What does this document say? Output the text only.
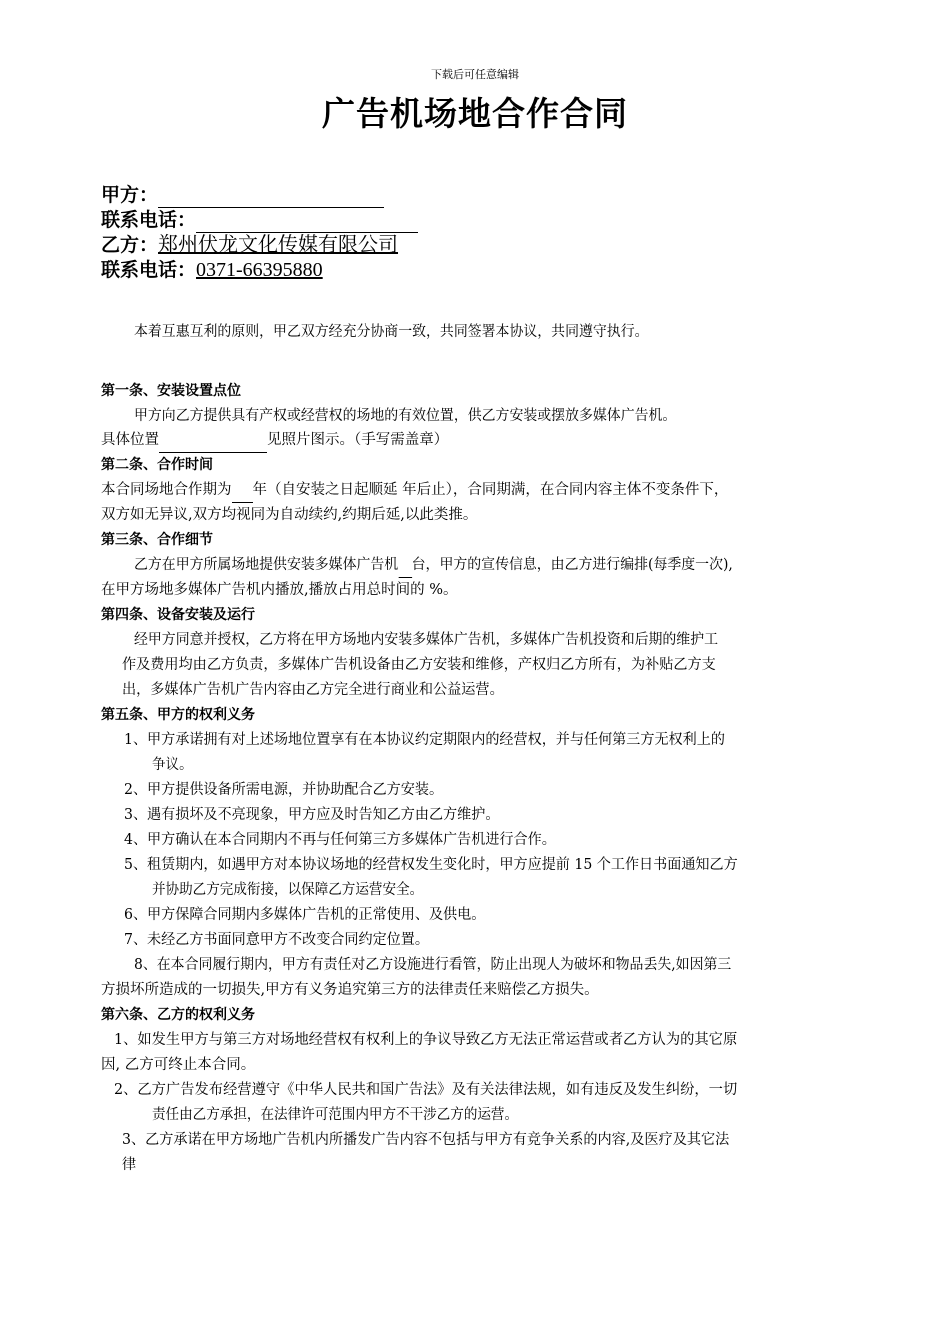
下载后可任意编辑
广告机场地合作合同
甲方：
联系电话：
乙方：郑州伏龙文化传媒有限公司
联系电话：0371-66395880
本着互惠互利的原则，甲乙双方经充分协商一致，共同签署本协议，共同遵守执行。
第一条、安装设置点位
甲方向乙方提供具有产权或经营权的场地的有效位置，供乙方安装或摆放多媒体广告机。
具体位置	见照片图示。（手写需盖章）
第二条、合作时间
本合同场地合作期为 年（自安装之日起顺延 年后止），合同期满，在合同内容主体不变条件下，
双方如无异议,双方均视同为自动续约,约期后延,以此类推。
第三条、合作细节
乙方在甲方所属场地提供安装多媒体广告机 台，甲方的宣传信息，由乙方进行编排(每季度一次),
在甲方场地多媒体广告机内播放,播放占用总时间的 %。
第四条、设备安装及运行
经甲方同意并授权，乙方将在甲方场地内安装多媒体广告机，多媒体广告机投资和后期的维护工
作及费用均由乙方负责，多媒体广告机设备由乙方安装和维修，产权归乙方所有，为补贴乙方支
出，多媒体广告机广告内容由乙方完全进行商业和公益运营。
第五条、甲方的权利义务
1、甲方承诺拥有对上述场地位置享有在本协议约定期限内的经营权，并与任何第三方无权利上的
争议。
2、甲方提供设备所需电源，并协助配合乙方安装。
3、遇有损坏及不亮现象，甲方应及时告知乙方由乙方维护。
4、甲方确认在本合同期内不再与任何第三方多媒体广告机进行合作。
5、租赁期内，如遇甲方对本协议场地的经营权发生变化时，甲方应提前 15 个工作日书面通知乙方
并协助乙方完成衔接，以保障乙方运营安全。
6、甲方保障合同期内多媒体广告机的正常使用、及供电。
7、未经乙方书面同意甲方不改变合同约定位置。
8、在本合同履行期内，甲方有责任对乙方设施进行看管，防止出现人为破坏和物品丢失,如因第三
方损坏所造成的一切损失,甲方有义务追究第三方的法律责任来赔偿乙方损失。
第六条、乙方的权利义务
1、如发生甲方与第三方对场地经营权有权利上的争议导致乙方无法正常运营或者乙方认为的其它原
因, 乙方可终止本合同。
2、乙方广告发布经营遵守《中华人民共和国广告法》及有关法律法规，如有违反及发生纠纷，一切
责任由乙方承担，在法律许可范围内甲方不干涉乙方的运营。
3、乙方承诺在甲方场地广告机内所播发广告内容不包括与甲方有竞争关系的内容,及医疗及其它法
律
